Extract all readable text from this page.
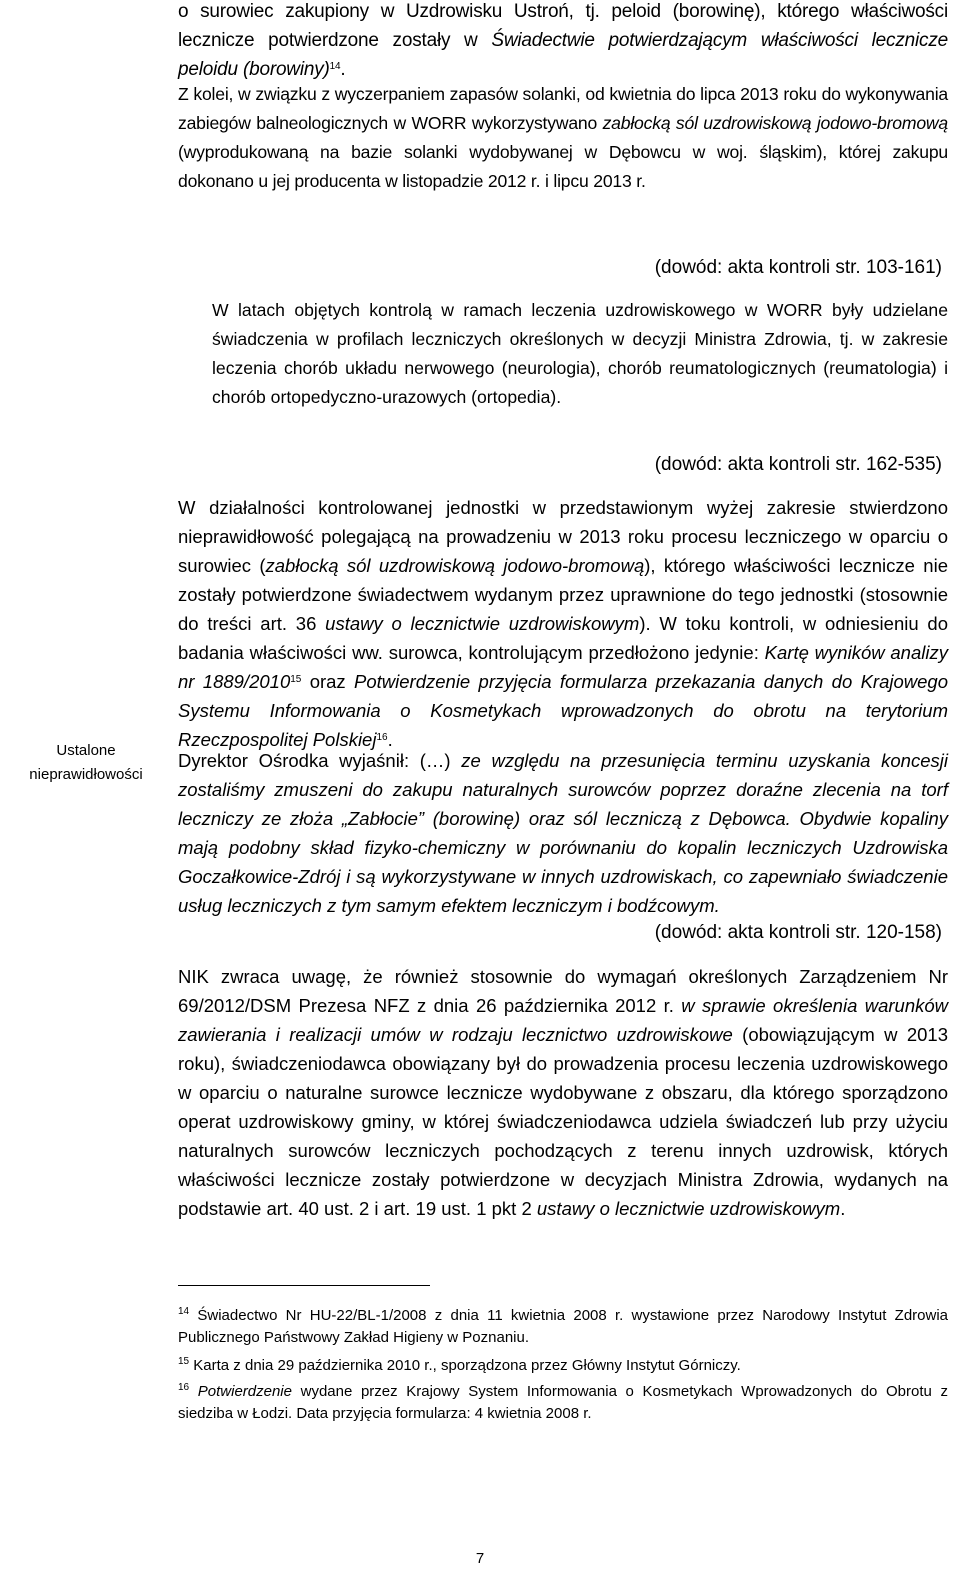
Ustalone nieprawidłowości

o surowiec zakupiony w Uzdrowisku Ustroń, tj. peloid (borowinę), którego właściwości lecznicze potwierdzone zostały w Świadectwie potwierdzającym właściwości lecznicze peloidu (borowiny)$^{14}$.

Z kolei, w związku z wyczerpaniem zapasów solanki, od kwietnia do lipca 2013 roku do wykonywania zabiegów balneologicznych w WORR wykorzystywano zabłocką sól uzdrowiskową jodowo-bromową (wyprodukowaną na bazie solanki wydobywanej w Dębowcu w woj. śląskim), której zakupu dokonano u jej producenta w listopadzie 2012 r. i lipcu 2013 r.

(dowód: akta kontroli str. 103-161)

W latach objętych kontrolą w ramach leczenia uzdrowiskowego w WORR były udzielane świadczenia w profilach leczniczych określonych w decyzji Ministra Zdrowia, tj. w zakresie leczenia chorób układu nerwowego (neurologia), chorób reumatologicznych (reumatologia) i chorób ortopedyczno-urazowych (ortopedia).

(dowód: akta kontroli str. 162-535)

W działalności kontrolowanej jednostki w przedstawionym wyżej zakresie stwierdzono nieprawidłowość polegającą na prowadzeniu w 2013 roku procesu leczniczego w oparciu o surowiec (zabłocką sól uzdrowiskową jodowo-bromową), którego właściwości lecznicze nie zostały potwierdzone świadectwem wydanym przez uprawnione do tego jednostki (stosownie do treści art. 36 ustawy o lecznictwie uzdrowiskowym). W toku kontroli, w odniesieniu do badania właściwości ww. surowca, kontrolującym przedłożono jedynie: Kartę wyników analizy nr 1889/2010$^{15}$ oraz Potwierdzenie przyjęcia formularza przekazania danych do Krajowego Systemu Informowania o Kosmetykach wprowadzonych do obrotu na terytorium Rzeczpospolitej Polskiej$^{16}$.

Dyrektor Ośrodka wyjaśnił: (…) ze względu na przesunięcia terminu uzyskania koncesji zostaliśmy zmuszeni do zakupu naturalnych surowców poprzez doraźne zlecenia na torf leczniczy ze złoża „Zabłocie” (borowinę) oraz sól leczniczą z Dębowca. Obydwie kopaliny mają podobny skład fizyko-chemiczny w porównaniu do kopalin leczniczych Uzdrowiska Goczałkowice-Zdrój i są wykorzystywane w innych uzdrowiskach, co zapewniało świadczenie usług leczniczych z tym samym efektem leczniczym i bodźcowym.

(dowód: akta kontroli str. 120-158)

NIK zwraca uwagę, że również stosownie do wymagań określonych Zarządzeniem Nr 69/2012/DSM Prezesa NFZ z dnia 26 października 2012 r. w sprawie określenia warunków zawierania i realizacji umów w rodzaju lecznictwo uzdrowiskowe (obowiązującym w 2013 roku), świadczeniodawca obowiązany był do prowadzenia procesu leczenia uzdrowiskowego w oparciu o naturalne surowce lecznicze wydobywane z obszaru, dla którego sporządzono operat uzdrowiskowy gminy, w której świadczeniodawca udziela świadczeń lub przy użyciu naturalnych surowców leczniczych pochodzących z terenu innych uzdrowisk, których właściwości lecznicze zostały potwierdzone w decyzjach Ministra Zdrowia, wydanych na podstawie art. 40 ust. 2 i art. 19 ust. 1 pkt 2 ustawy o lecznictwie uzdrowiskowym.

$^{14}$ Świadectwo Nr HU-22/BL-1/2008 z dnia 11 kwietnia 2008 r. wystawione przez Narodowy Instytut Zdrowia Publicznego Państwowy Zakład Higieny w Poznaniu.

$^{15}$ Karta z dnia 29 października 2010 r., sporządzona przez Główny Instytut Górniczy.

$^{16}$ Potwierdzenie wydane przez Krajowy System Informowania o Kosmetykach Wprowadzonych do Obrotu z siedziba w Łodzi. Data przyjęcia formularza: 4 kwietnia 2008 r.

7
